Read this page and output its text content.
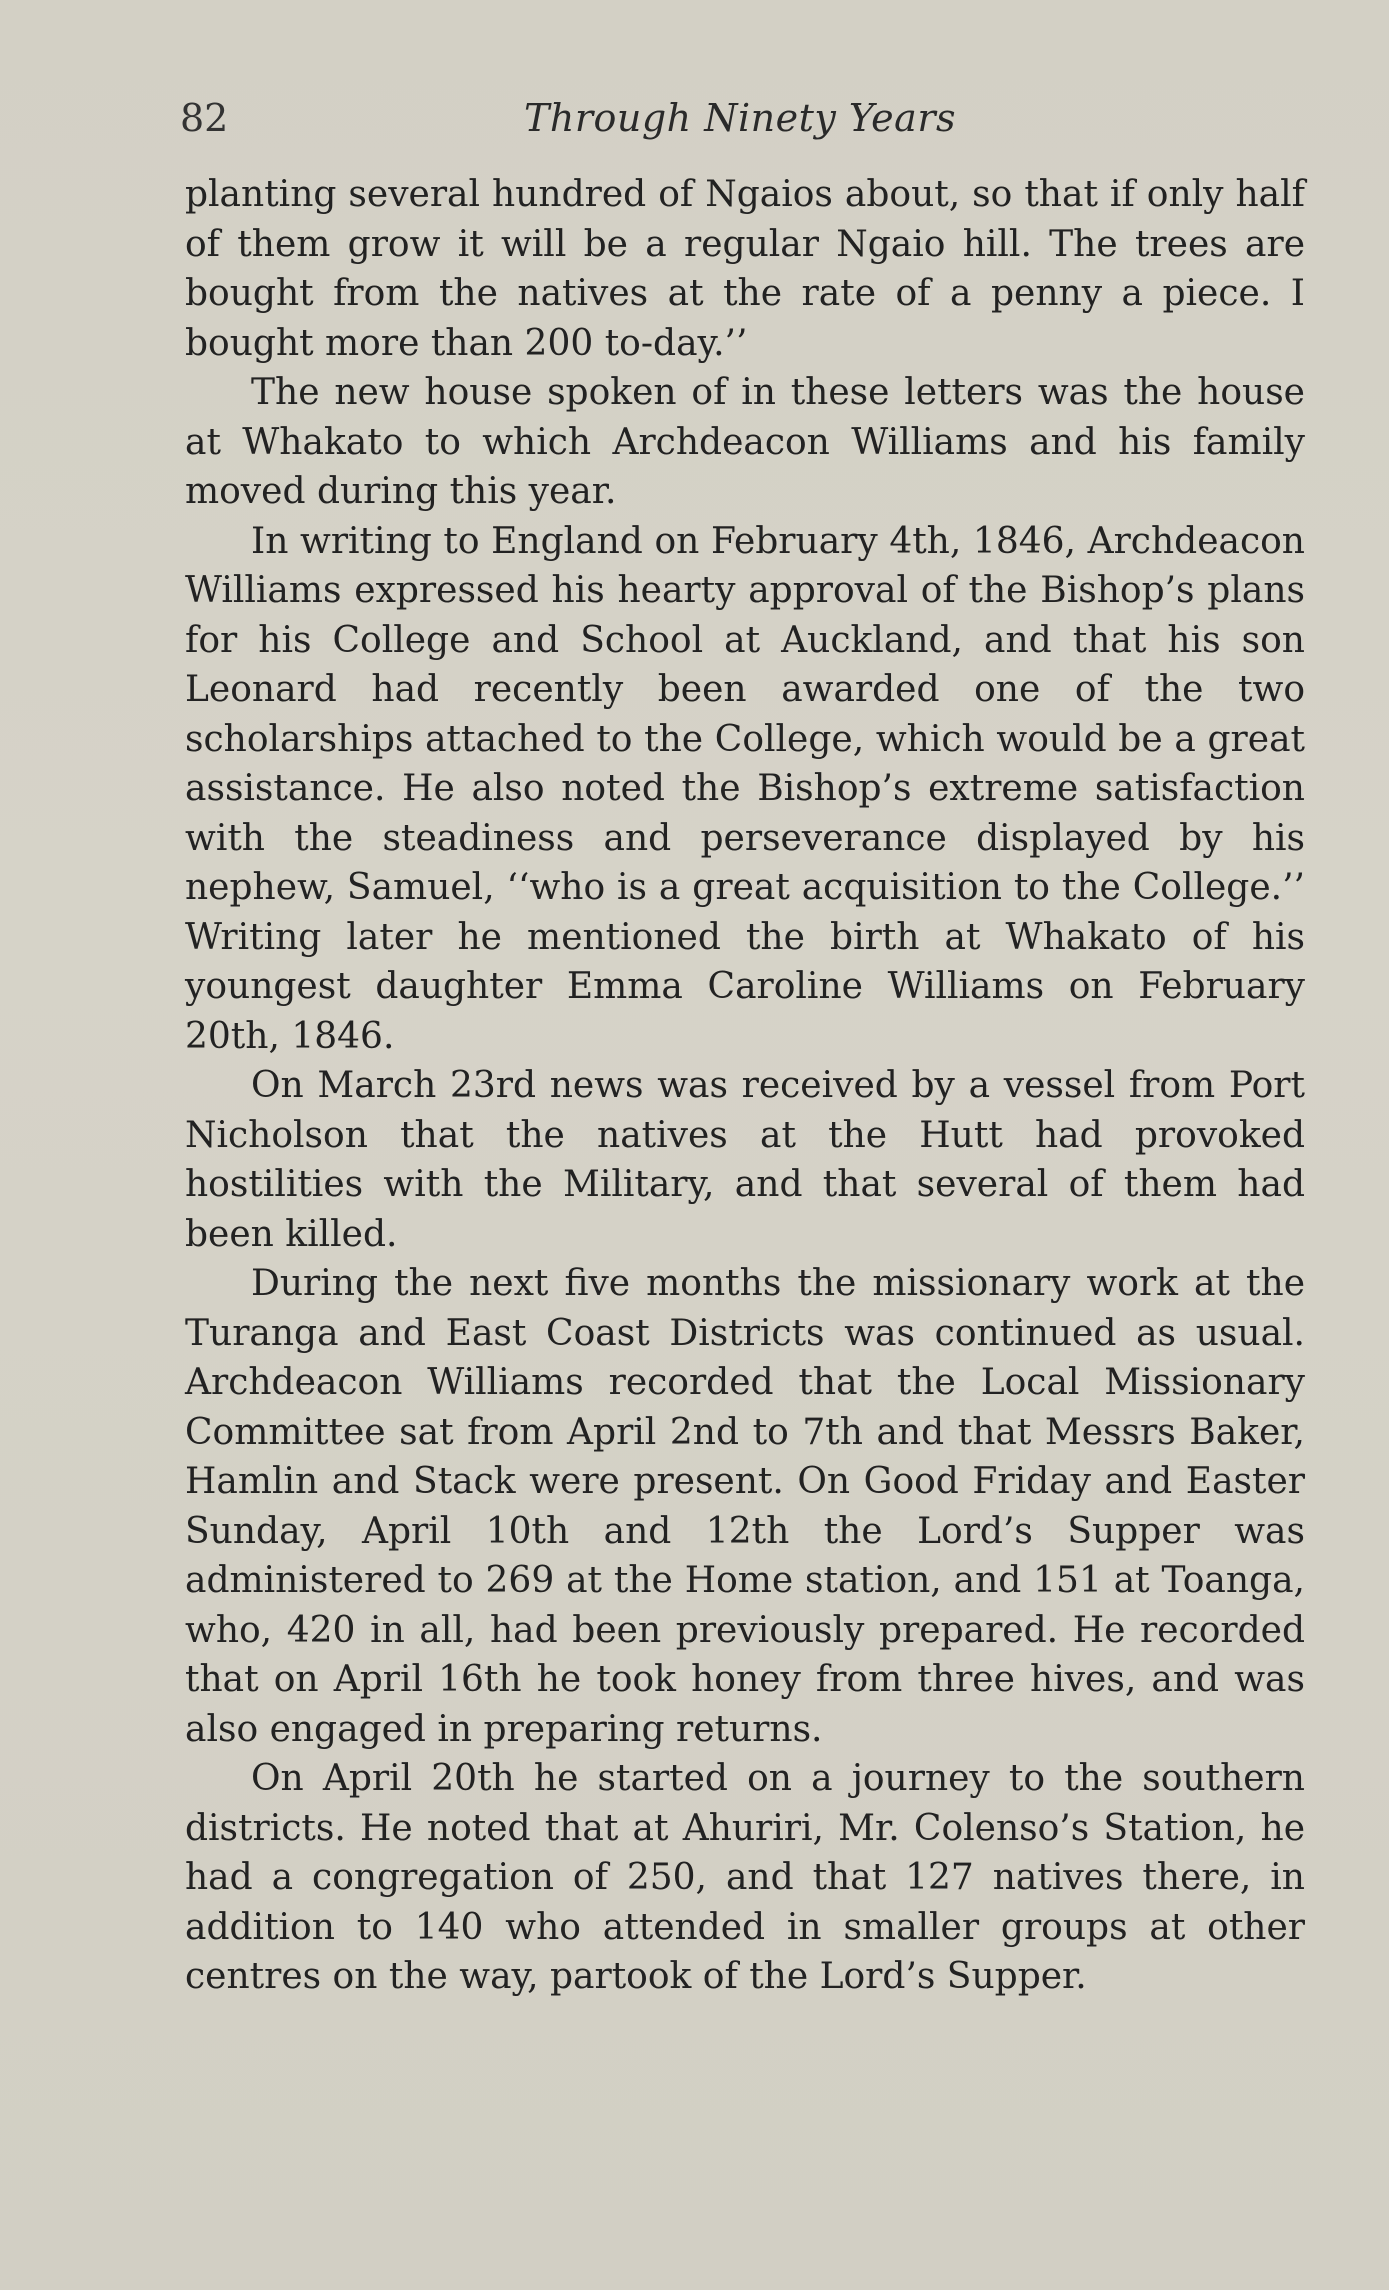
82	Through Ninety Years

planting several hundred of Ngaios about, so that if only half of them grow it will be a regular Ngaio hill. The trees are bought from the natives at the rate of a penny a piece. I bought more than 200 to-day.’’

The new house spoken of in these letters was the house at Whakato to which Archdeacon Williams and his family moved during this year.

In writing to England on February 4th, 1846, Archdeacon Williams expressed his hearty approval of the Bishop’s plans for his College and School at Auckland, and that his son Leonard had recently been awarded one of the two scholarships attached to the College, which would be a great assistance. He also noted the Bishop’s extreme satisfaction with the steadiness and perseverance displayed by his nephew, Samuel, ‘‘who is a great acquisition to the College.’’ Writing later he mentioned the birth at Whakato of his youngest daughter Emma Caroline Williams on February 20th, 1846.

On March 23rd news was received by a vessel from Port Nicholson that the natives at the Hutt had provoked hostilities with the Military, and that several of them had been killed.

During the next five months the missionary work at the Turanga and East Coast Districts was continued as usual. Archdeacon Williams recorded that the Local Missionary Committee sat from April 2nd to 7th and that Messrs Baker, Hamlin and Stack were present. On Good Friday and Easter Sunday, April 10th and 12th the Lord’s Supper was administered to 269 at the Home station, and 151 at Toanga, who, 420 in all, had been previously prepared. He recorded that on April 16th he took honey from three hives, and was also engaged in preparing returns.

On April 20th he started on a journey to the southern districts. He noted that at Ahuriri, Mr. Colenso’s Station, he had a congregation of 250, and that 127 natives there, in addition to 140 who attended in smaller groups at other centres on the way, partook of the Lord’s Supper.
